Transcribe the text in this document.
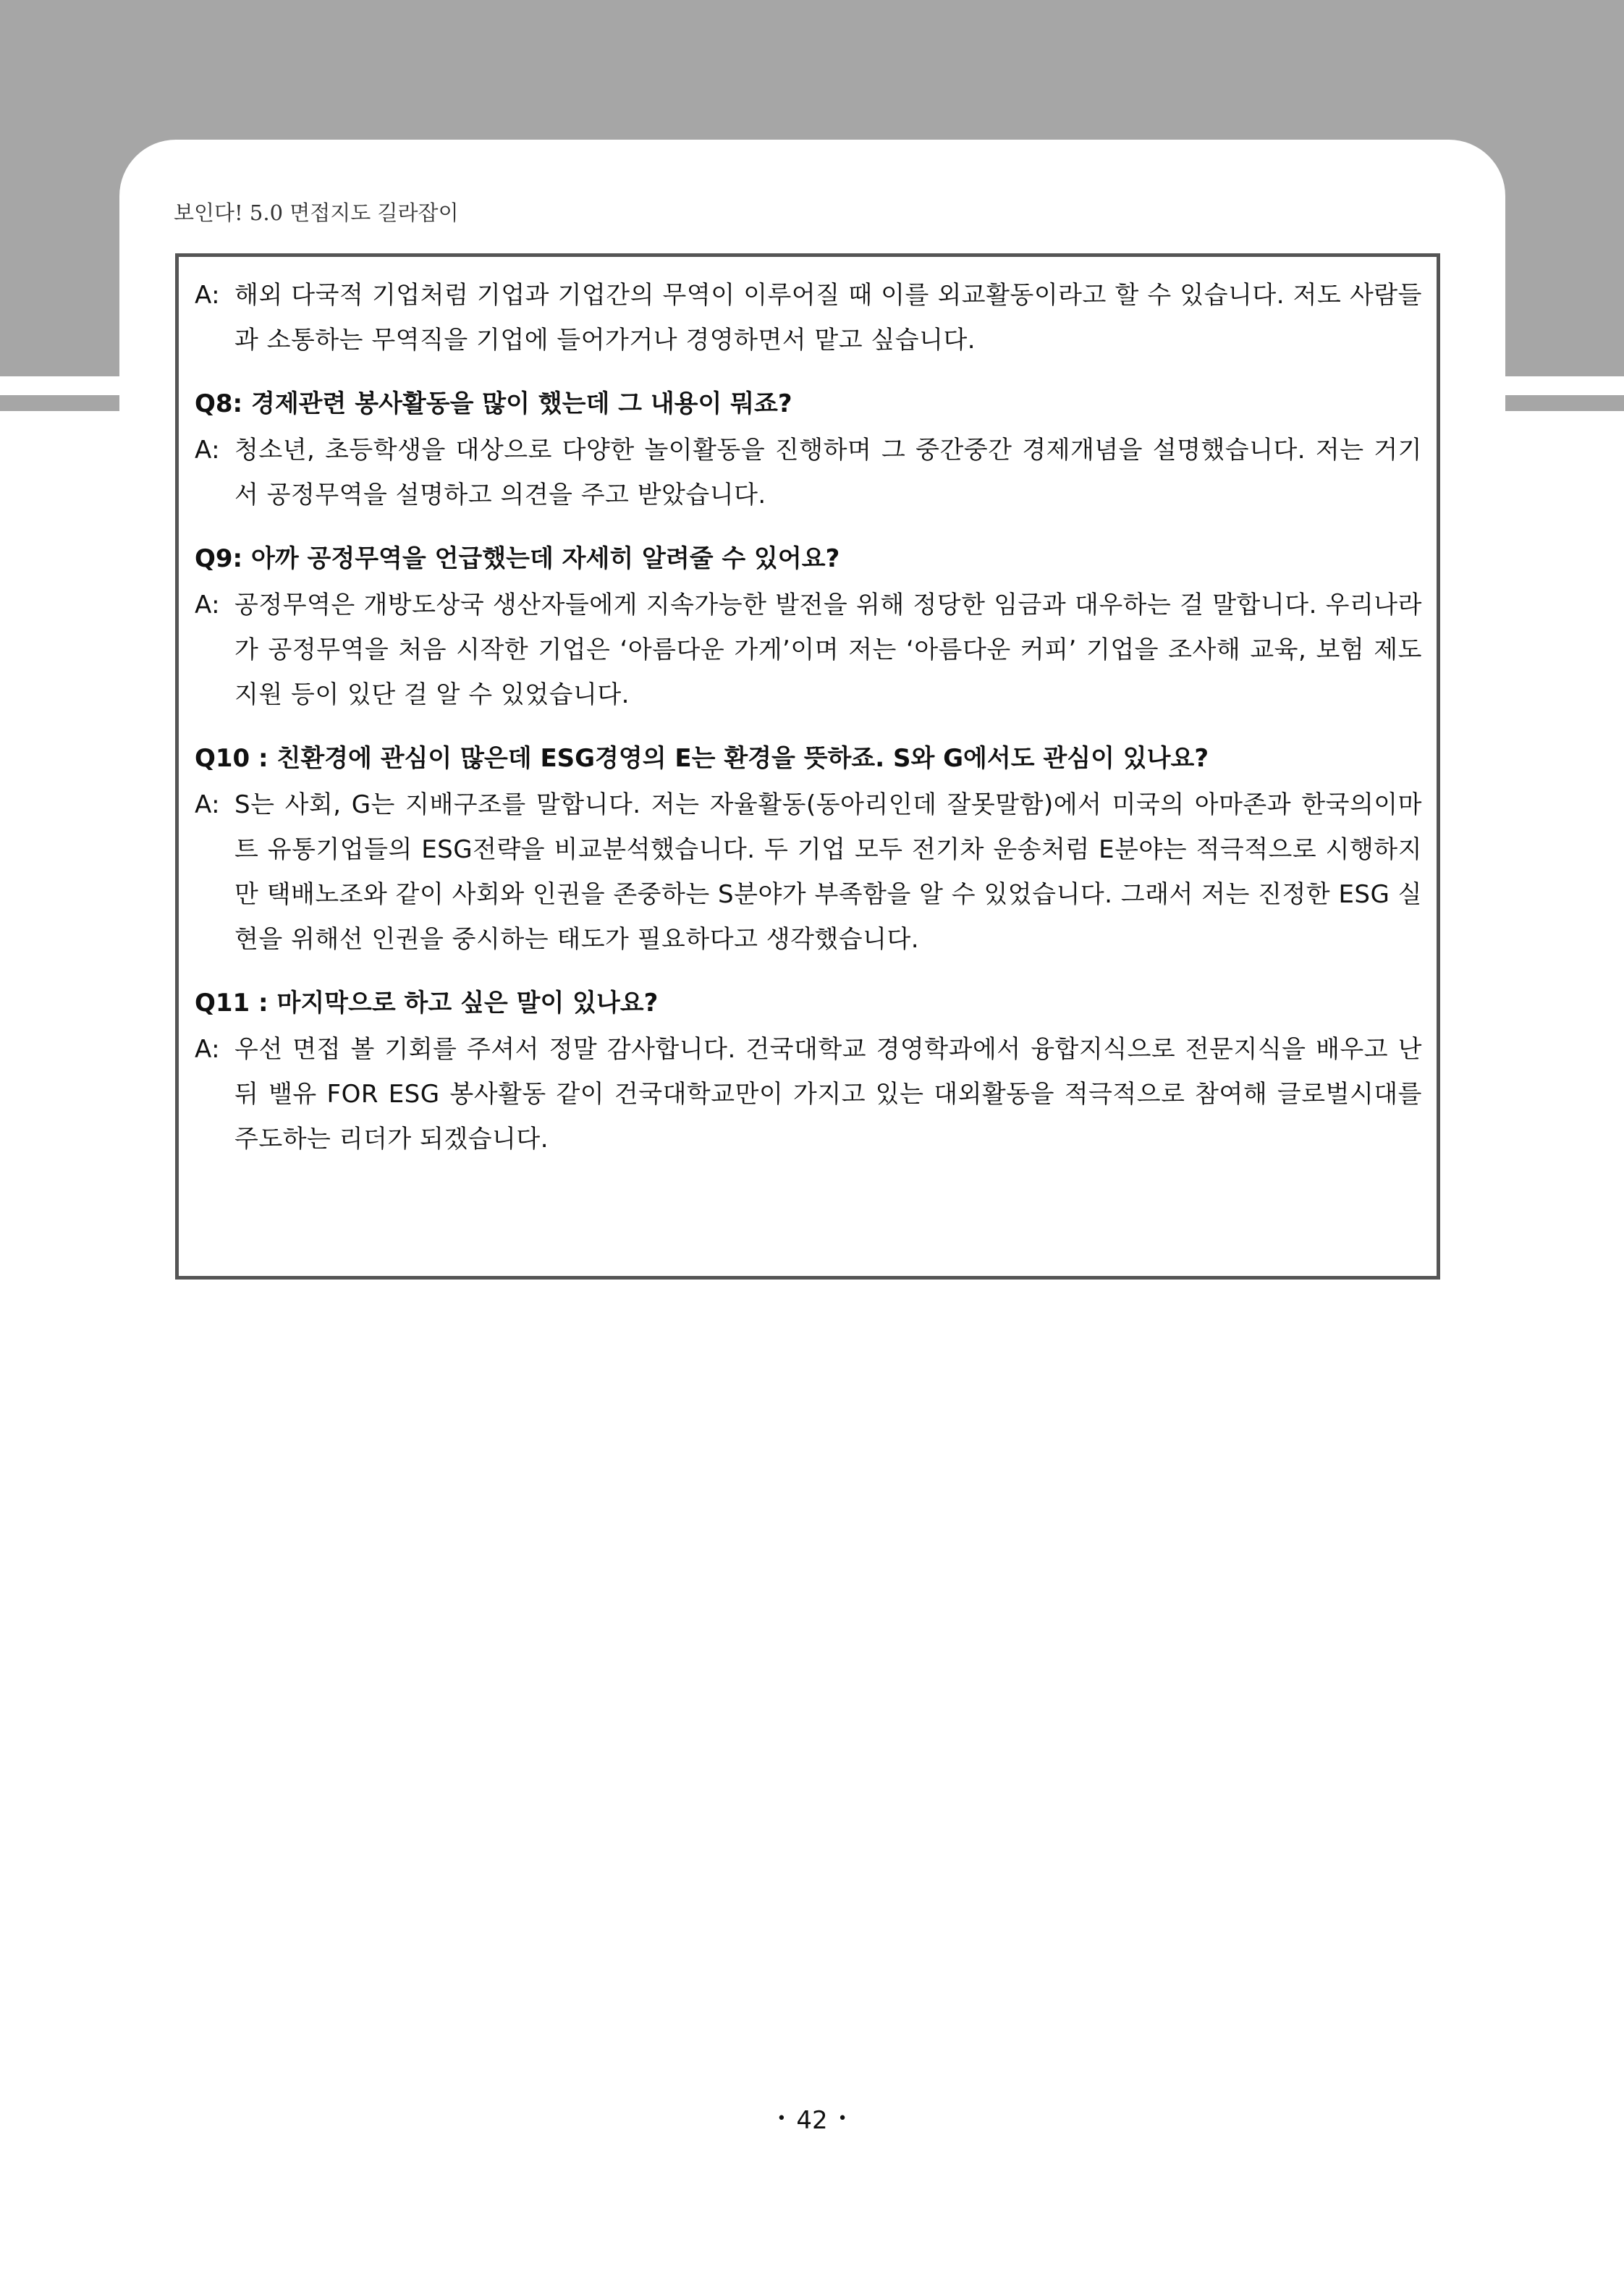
보인다! 5.0 면접지도 길라잡이
A: 해외 다국적 기업처럼 기업과 기업간의 무역이 이루어질 때 이를 외교활동이라고 할 수 있습니다. 저도 사람들과 소통하는 무역직을 기업에 들어가거나 경영하면서 맡고 싶습니다.
Q8: 경제관련 봉사활동을 많이 했는데 그 내용이 뭐죠?
A: 청소년, 초등학생을 대상으로 다양한 놀이활동을 진행하며 그 중간중간 경제개념을 설명했습니다. 저는 거기서 공정무역을 설명하고 의견을 주고 받았습니다.
Q9: 아까 공정무역을 언급했는데 자세히 알려줄 수 있어요?
A: 공정무역은 개방도상국 생산자들에게 지속가능한 발전을 위해 정당한 임금과 대우하는 걸 말합니다. 우리나라가 공정무역을 처음 시작한 기업은 ‘아름다운 가게’이며 저는 ‘아름다운 커피’ 기업을 조사해 교육, 보험 제도지원 등이 있단 걸 알 수 있었습니다.
Q10 : 친환경에 관심이 많은데 ESG경영의 E는 환경을 뜻하죠. S와 G에서도 관심이 있나요?
A: S는 사회, G는 지배구조를 말합니다. 저는 자율활동(동아리인데 잘못말함)에서 미국의 아마존과 한국의이마트 유통기업들의 ESG전략을 비교분석했습니다. 두 기업 모두 전기차 운송처럼 E분야는 적극적으로 시행하지만 택배노조와 같이 사회와 인권을 존중하는 S분야가 부족함을 알 수 있었습니다. 그래서 저는 진정한 ESG 실현을 위해선 인권을 중시하는 태도가 필요하다고 생각했습니다.
Q11 : 마지막으로 하고 싶은 말이 있나요?
A: 우선 면접 볼 기회를 주셔서 정말 감사합니다. 건국대학교 경영학과에서 융합지식으로 전문지식을 배우고 난 뒤 밸유 FOR ESG 봉사활동 같이 건국대학교만이 가지고 있는 대외활동을 적극적으로 참여해 글로벌시대를 주도하는 리더가 되겠습니다.
• 42 •
